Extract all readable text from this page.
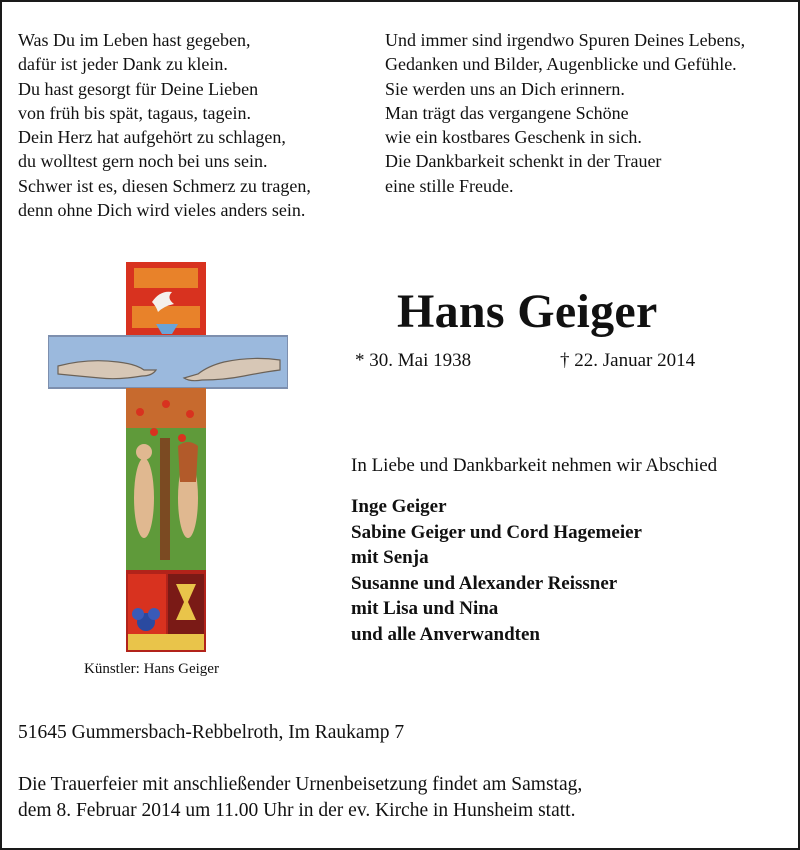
Was Du im Leben hast gegeben,
dafür ist jeder Dank zu klein.
Du hast gesorgt für Deine Lieben
von früh bis spät, tagaus, tagein.
Dein Herz hat aufgehört zu schlagen,
du wolltest gern noch bei uns sein.
Schwer ist es, diesen Schmerz zu tragen,
denn ohne Dich wird vieles anders sein.
Und immer sind irgendwo Spuren Deines Lebens,
Gedanken und Bilder, Augenblicke und Gefühle.
Sie werden uns an Dich erinnern.
Man trägt das vergangene Schöne
wie ein kostbares Geschenk in sich.
Die Dankbarkeit schenkt in der Trauer
eine stille Freude.
Künstler: Hans Geiger
Hans Geiger
* 30. Mai 1938	† 22. Januar 2014
In Liebe und Dankbarkeit nehmen wir Abschied
Inge Geiger
Sabine Geiger und Cord Hagemeier
mit Senja
Susanne und Alexander Reissner
mit Lisa und Nina
und alle Anverwandten
51645 Gummersbach-Rebbelroth, Im Raukamp 7
Die Trauerfeier mit anschließender Urnenbeisetzung findet am Samstag,
dem 8. Februar 2014 um 11.00 Uhr in der ev. Kirche in Hunsheim statt.
